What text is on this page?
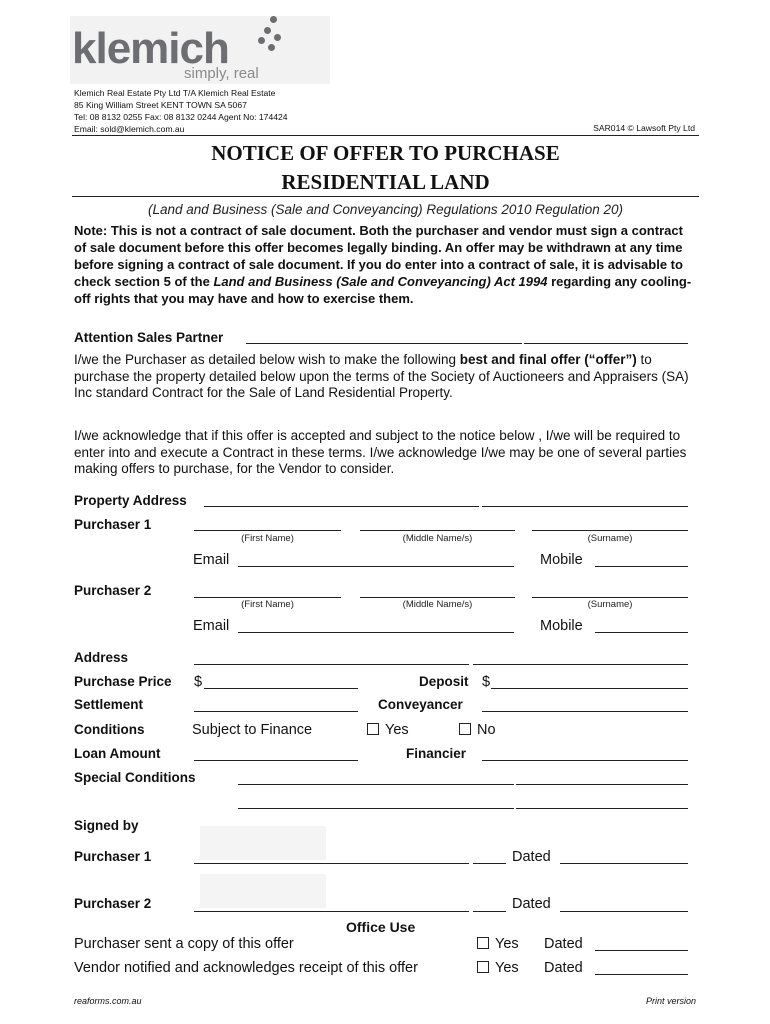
klemich
simply, real
Klemich Real Estate Pty Ltd T/A Klemich Real Estate
85 King William Street KENT TOWN SA 5067
Tel: 08 8132 0255 Fax: 08 8132 0244 Agent No: 174424
Email: sold@klemich.com.au	SAR014 © Lawsoft Pty Ltd
NOTICE OF OFFER TO PURCHASE
RESIDENTIAL LAND
(Land and Business (Sale and Conveyancing) Regulations 2010 Regulation 20)
Note: This is not a contract of sale document. Both the purchaser and vendor must sign a contract of sale document before this offer becomes legally binding. An offer may be withdrawn at any time before signing a contract of sale document. If you do enter into a contract of sale, it is advisable to check section 5 of the Land and Business (Sale and Conveyancing) Act 1994 regarding any cooling-off rights that you may have and how to exercise them.
Attention Sales Partner
I/we the Purchaser as detailed below wish to make the following best and final offer (“offer”) to purchase the property detailed below upon the terms of the Society of Auctioneers and Appraisers (SA) Inc standard Contract for the Sale of Land Residential Property.
I/we acknowledge that if this offer is accepted and subject to the notice below , I/we will be required to enter into and execute a Contract in these terms. I/we acknowledge I/we may be one of several parties making offers to purchase, for the Vendor to consider.
Property Address
Purchaser 1
(First Name)	(Middle Name/s)	(Surname)
Email	Mobile
Purchaser 2
(First Name)	(Middle Name/s)	(Surname)
Email	Mobile
Address
Purchase Price $	Deposit $
Settlement	Conveyancer
Conditions	Subject to Finance	Yes	No
Loan Amount	Financier
Special Conditions
Signed by
Purchaser 1	Dated
Purchaser 2	Dated
Office Use
Purchaser sent a copy of this offer	Yes Dated
Vendor notified and acknowledges receipt of this offer	Yes Dated
reaforms.com.au	Print version
